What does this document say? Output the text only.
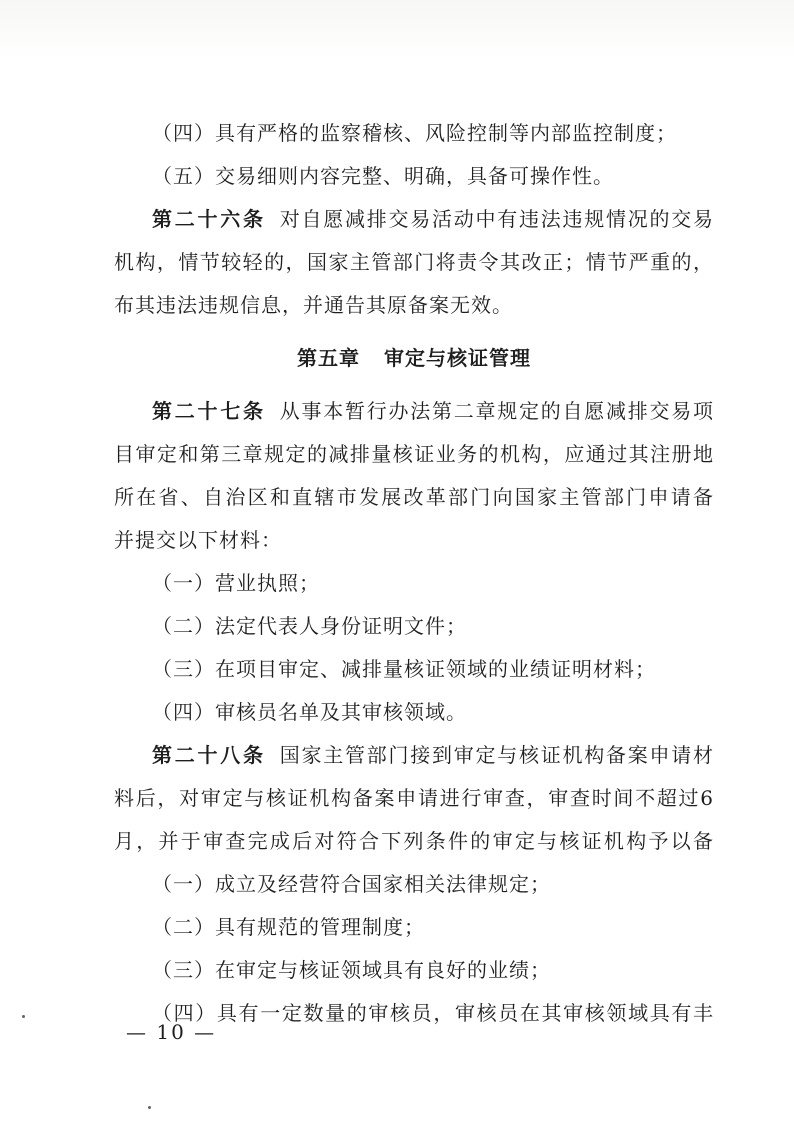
（四）具有严格的监察稽核、风险控制等内部监控制度；
（五）交易细则内容完整、明确，具备可操作性。
第二十六条 对自愿减排交易活动中有违法违规情况的交易
机构，情节较轻的，国家主管部门将责令其改正；情节严重的，
布其违法违规信息，并通告其原备案无效。
第五章 审定与核证管理
第二十七条 从事本暂行办法第二章规定的自愿减排交易项
目审定和第三章规定的减排量核证业务的机构，应通过其注册地
所在省、自治区和直辖市发展改革部门向国家主管部门申请备
并提交以下材料：
（一）营业执照；
（二）法定代表人身份证明文件；
（三）在项目审定、减排量核证领域的业绩证明材料；
（四）审核员名单及其审核领域。
第二十八条 国家主管部门接到审定与核证机构备案申请材
料后，对审定与核证机构备案申请进行审查，审查时间不超过6
月，并于审查完成后对符合下列条件的审定与核证机构予以备
（一）成立及经营符合国家相关法律规定；
（二）具有规范的管理制度；
（三）在审定与核证领域具有良好的业绩；
（四）具有一定数量的审核员，审核员在其审核领域具有丰
— 10 —
